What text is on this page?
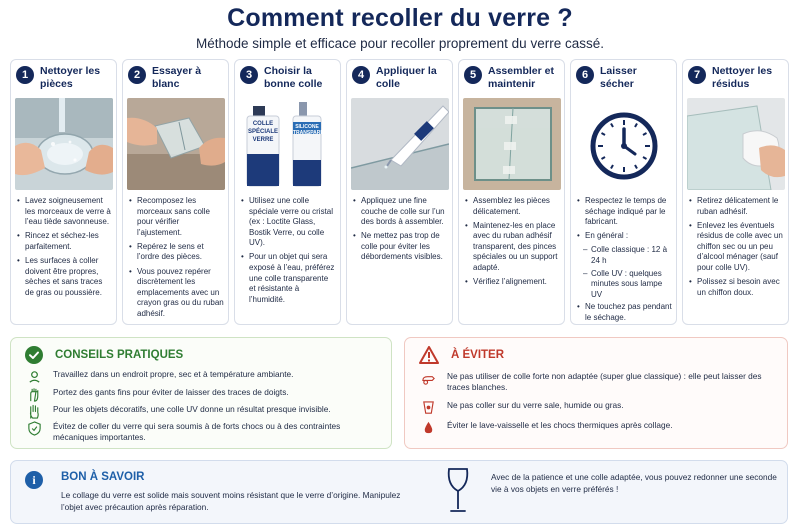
Comment recoller du verre ?
Méthode simple et efficace pour recoller proprement du verre cassé.
1	Nettoyer les pièces
• Lavez soigneusement les morceaux de verre à l’eau tiède savonneuse.
• Rincez et séchez-les parfaitement.
• Les surfaces à coller doivent être propres, sèches et sans traces de gras ou poussière.
2	Essayer à blanc
• Recomposez les morceaux sans colle pour vérifier l’ajustement.
• Repérez le sens et l’ordre des pièces.
• Vous pouvez repérer discrètement les emplacements avec un crayon gras ou du ruban adhésif.
3	Choisir la bonne colle
COLLE
SPÉCIALE
VERRE
SILICONE
TRANSPARENT
• Utilisez une colle spéciale verre ou cristal (ex : Loctite Glass, Bostik Verre, ou colle UV).
• Pour un objet qui sera exposé à l’eau, préférez une colle transparente et résistante à l’humidité.
4	Appliquer la colle
• Appliquez une fine couche de colle sur l’un des bords à assembler.
• Ne mettez pas trop de colle pour éviter les débordements visibles.
5	Assembler et maintenir
• Assemblez les pièces délicatement.
• Maintenez-les en place avec du ruban adhésif transparent, des pinces spéciales ou un support adapté.
• Vérifiez l’alignement.
6	Laisser sécher
• Respectez le temps de séchage indiqué par le fabricant.
• En général :
– Colle classique : 12 à 24 h
– Colle UV : quelques minutes sous lampe UV
• Ne touchez pas pendant le séchage.
7	Nettoyer les résidus
• Retirez délicatement le ruban adhésif.
• Enlevez les éventuels résidus de colle avec un chiffon sec ou un peu d’alcool ménager (sauf pour colle UV).
• Polissez si besoin avec un chiffon doux.
CONSEILS PRATIQUES
Travaillez dans un endroit propre, sec et à température ambiante.
Portez des gants fins pour éviter de laisser des traces de doigts.
Pour les objets décoratifs, une colle UV donne un résultat presque invisible.
Évitez de coller du verre qui sera soumis à de forts chocs ou à des contraintes mécaniques importantes.
À ÉVITER
Ne pas utiliser de colle forte non adaptée (super glue classique) : elle peut laisser des traces blanches.
Ne pas coller sur du verre sale, humide ou gras.
Éviter le lave-vaisselle et les chocs thermiques après collage.
i	BON À SAVOIR
Le collage du verre est solide mais souvent moins résistant que le verre d’origine. Manipulez l’objet avec précaution après réparation.
Avec de la patience et une colle adaptée, vous pouvez redonner une seconde vie à vos objets en verre préférés !
